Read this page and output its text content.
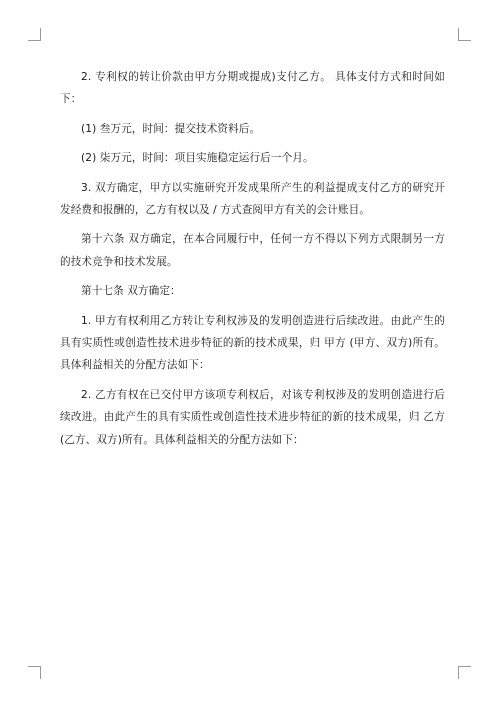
2. 专利权的转让价款由甲方分期或提成)支付乙方。 具体支付方式和时间如下：

(1) 叁万元，时间：提交技术资料后。

(2) 柒万元，时间：项目实施稳定运行后一个月。

3. 双方确定，甲方以实施研究开发成果所产生的利益提成支付乙方的研究开发经费和报酬的，乙方有权以及 / 方式查阅甲方有关的会计账目。

第十六条 双方确定，在本合同履行中，任何一方不得以下列方式限制另一方的技术竞争和技术发展。

第十七条 双方确定：

1. 甲方有权利用乙方转让专利权涉及的发明创造进行后续改进。由此产生的具有实质性或创造性技术进步特征的新的技术成果，归 甲方 (甲方、双方)所有。具体利益相关的分配方法如下：

2. 乙方有权在已交付甲方该项专利权后，对该专利权涉及的发明创造进行后续改进。由此产生的具有实质性或创造性技术进步特征的新的技术成果，归 乙方 (乙方、双方)所有。具体利益相关的分配方法如下：
